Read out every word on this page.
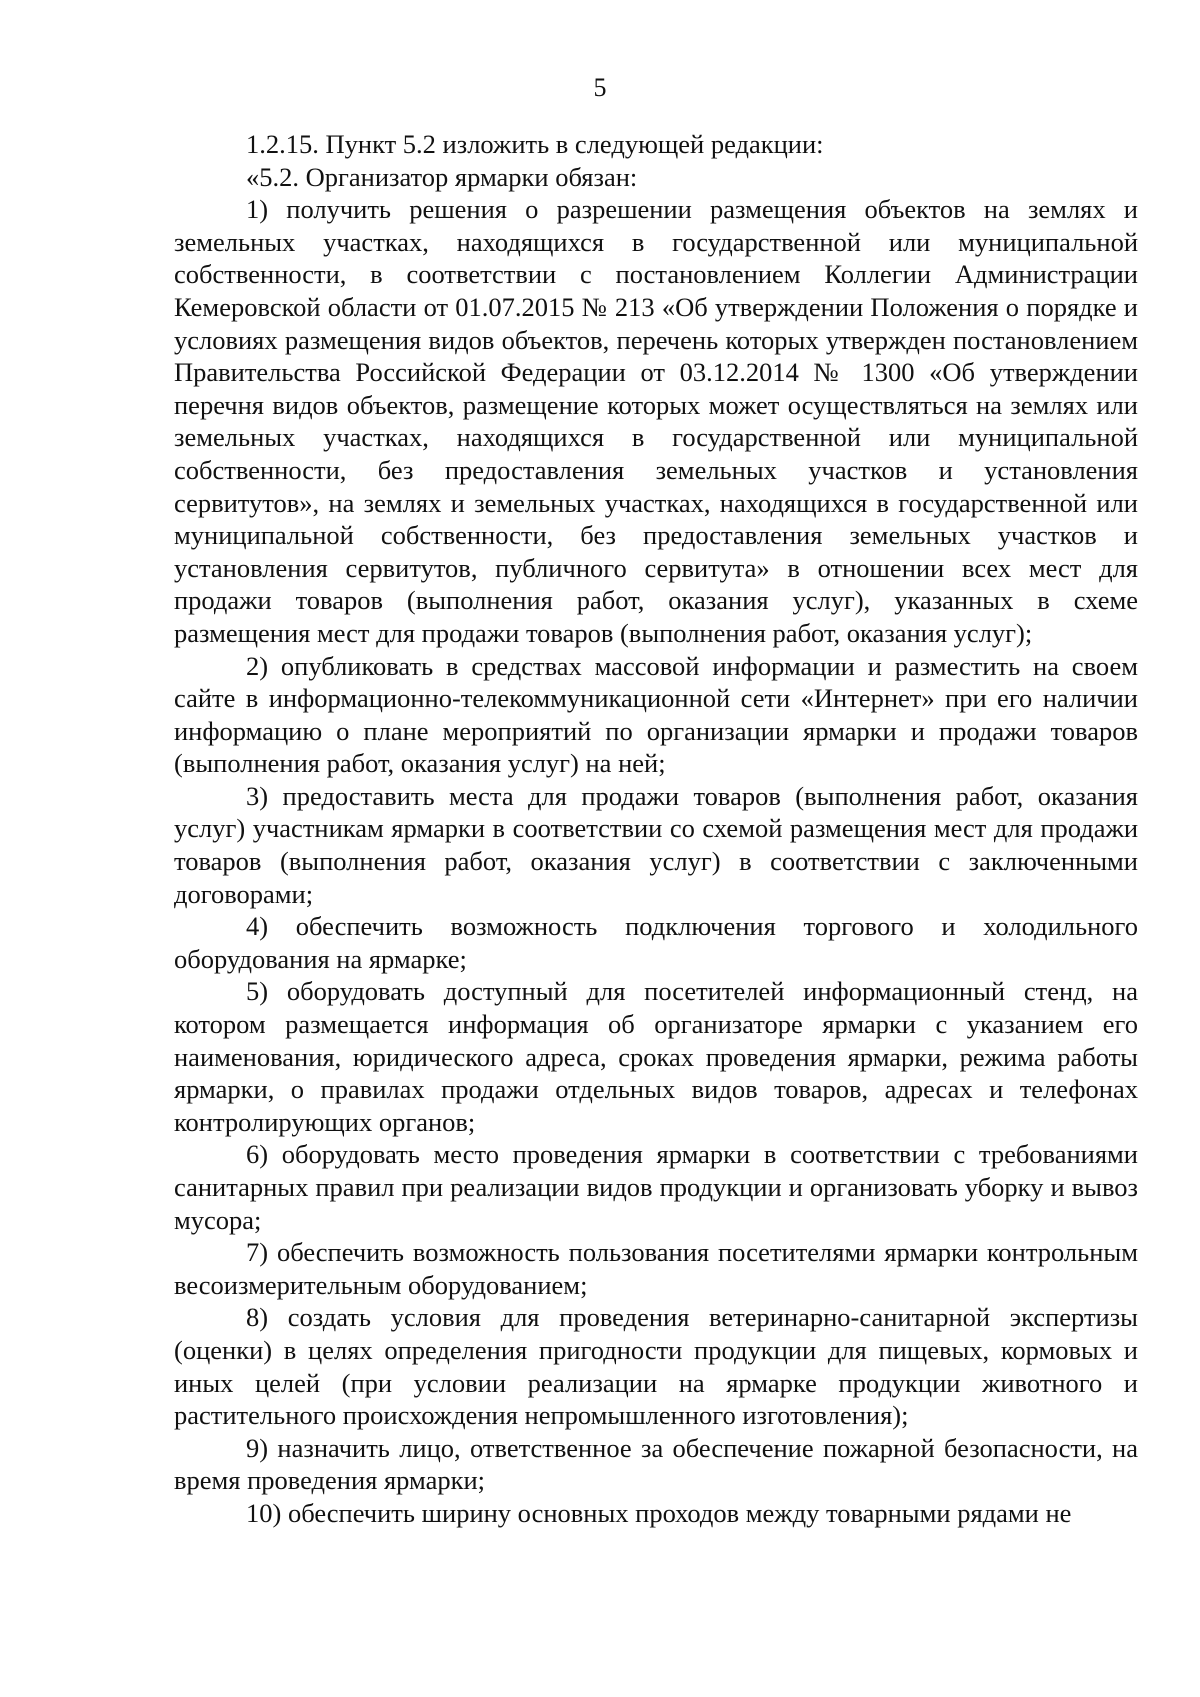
5

1.2.15. Пункт 5.2 изложить в следующей редакции:

«5.2. Организатор ярмарки обязан:

1) получить решения о разрешении размещения объектов на землях и земельных участках, находящихся в государственной или муниципальной собственности, в соответствии с постановлением Коллегии Администрации Кемеровской области от 01.07.2015 № 213 «Об утверждении Положения о порядке и условиях размещения видов объектов, перечень которых утвержден постановлением Правительства Российской Федерации от 03.12.2014 № 1300 «Об утверждении перечня видов объектов, размещение которых может осуществляться на землях или земельных участках, находящихся в государственной или муниципальной собственности, без предоставления земельных участков и установления сервитутов», на землях и земельных участках, находящихся в государственной или муниципальной собственности, без предоставления земельных участков и установления сервитутов, публичного сервитута» в отношении всех мест для продажи товаров (выполнения работ, оказания услуг), указанных в схеме размещения мест для продажи товаров (выполнения работ, оказания услуг);

2) опубликовать в средствах массовой информации и разместить на своем сайте в информационно-телекоммуникационной сети «Интернет» при его наличии информацию о плане мероприятий по организации ярмарки и продажи товаров (выполнения работ, оказания услуг) на ней;

3) предоставить места для продажи товаров (выполнения работ, оказания услуг) участникам ярмарки в соответствии со схемой размещения мест для продажи товаров (выполнения работ, оказания услуг) в соответствии с заключенными договорами;

4) обеспечить возможность подключения торгового и холодильного оборудования на ярмарке;

5) оборудовать доступный для посетителей информационный стенд, на котором размещается информация об организаторе ярмарки с указанием его наименования, юридического адреса, сроках проведения ярмарки, режима работы ярмарки, о правилах продажи отдельных видов товаров, адресах и телефонах контролирующих органов;

6) оборудовать место проведения ярмарки в соответствии с требованиями санитарных правил при реализации видов продукции и организовать уборку и вывоз мусора;

7) обеспечить возможность пользования посетителями ярмарки контрольным весоизмерительным оборудованием;

8) создать условия для проведения ветеринарно-санитарной экспертизы (оценки) в целях определения пригодности продукции для пищевых, кормовых и иных целей (при условии реализации на ярмарке продукции животного и растительного происхождения непромышленного изготовления);

9) назначить лицо, ответственное за обеспечение пожарной безопасности, на время проведения ярмарки;

10) обеспечить ширину основных проходов между товарными рядами не
